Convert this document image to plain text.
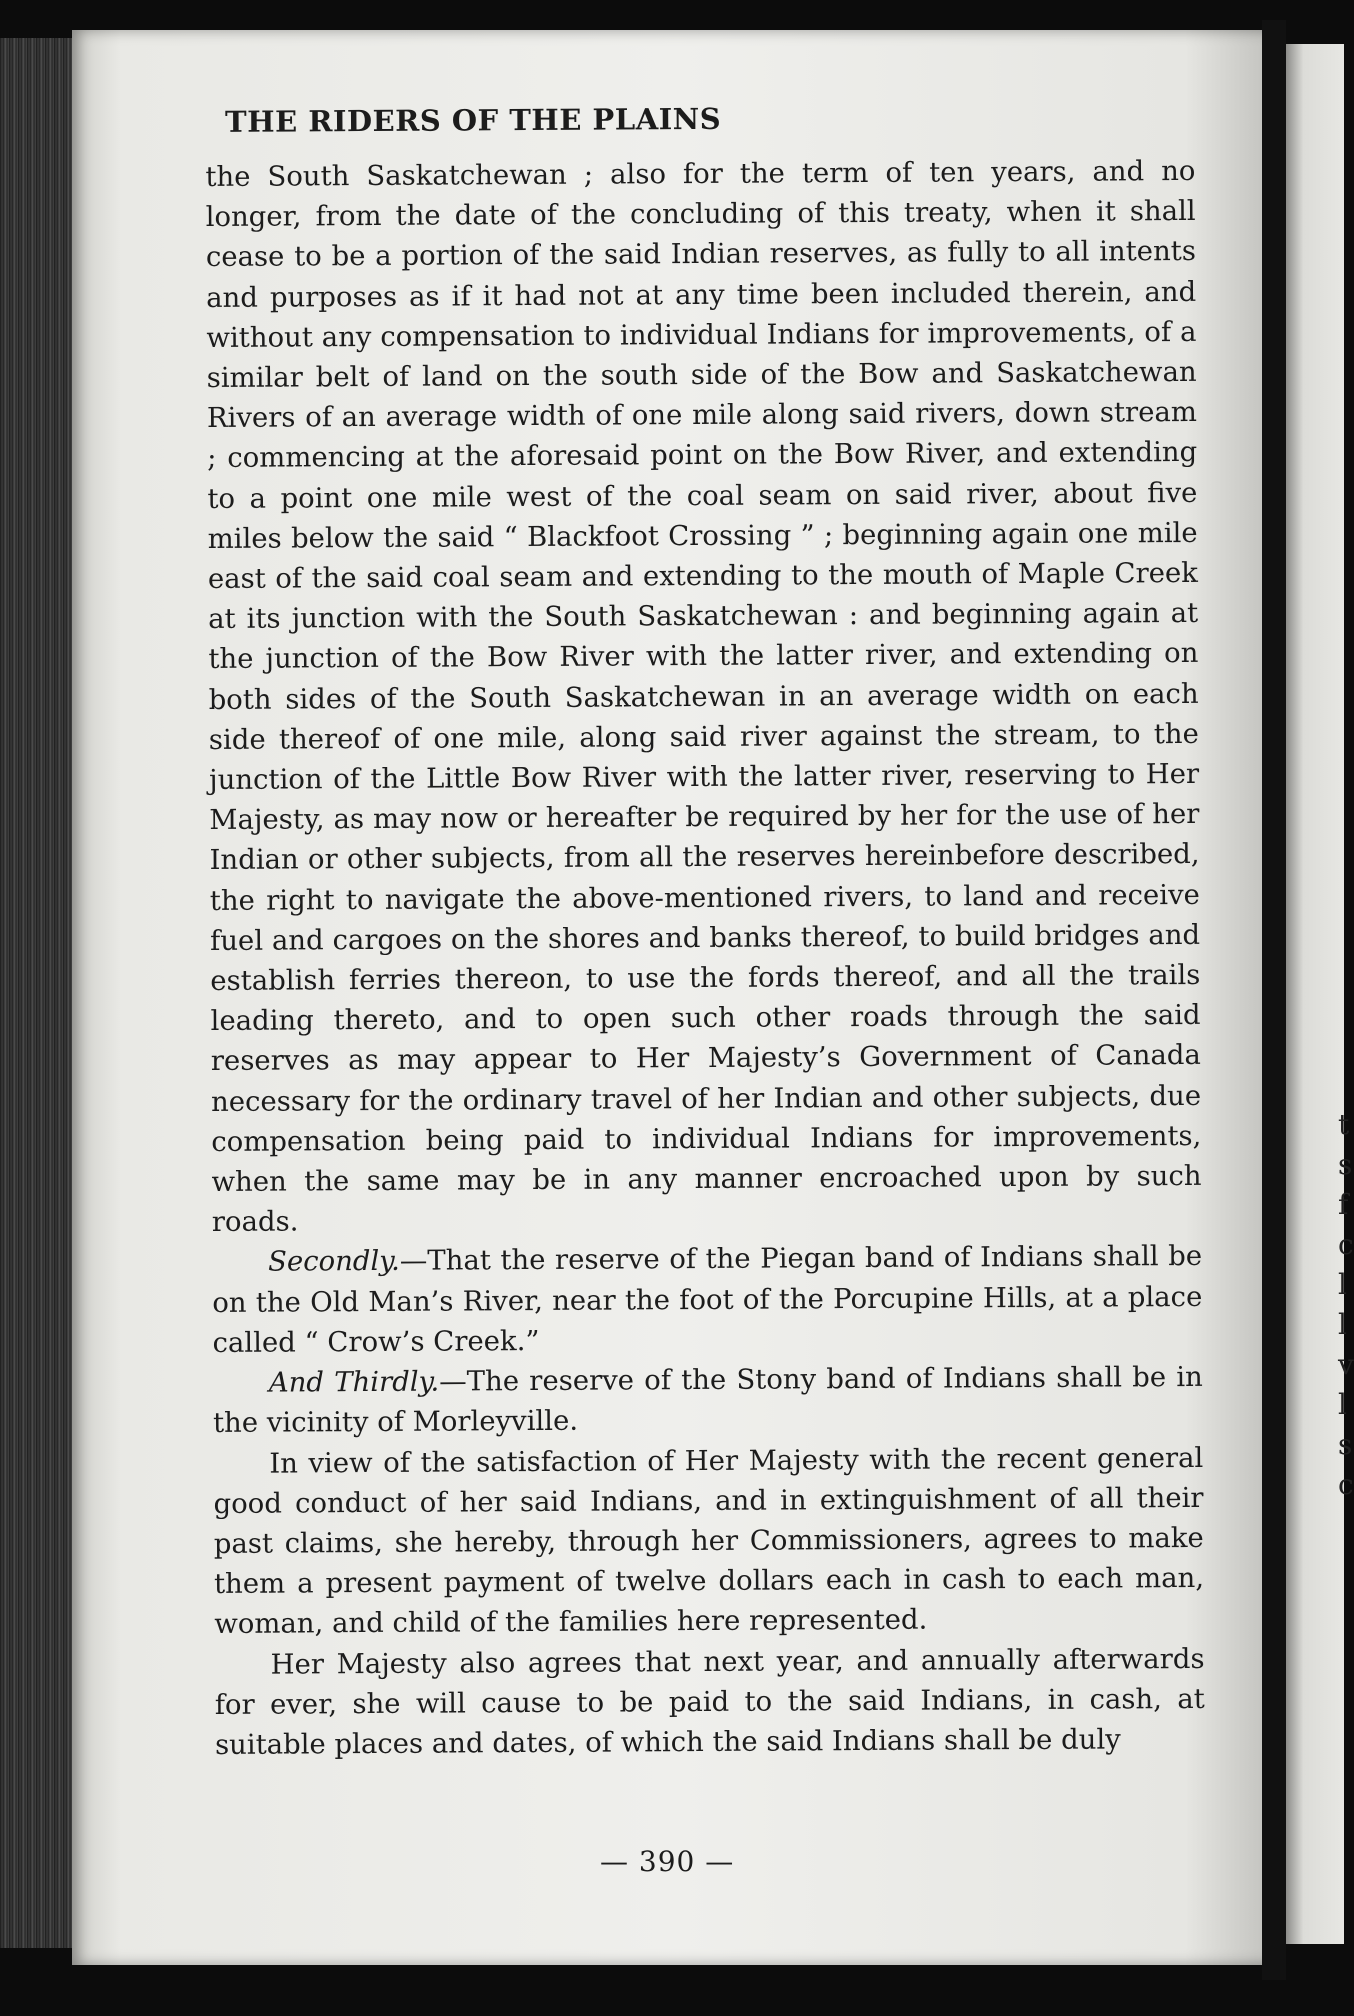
t
s
f
c
l
l
v
l
s
c
THE RIDERS OF THE PLAINS

the South Saskatchewan ; also for the term of ten years, and no longer, from the date of the concluding of this treaty, when it shall cease to be a portion of the said Indian reserves, as fully to all intents and purposes as if it had not at any time been included therein, and without any compensation to individual Indians for improvements, of a similar belt of land on the south side of the Bow and Saskatchewan Rivers of an average width of one mile along said rivers, down stream ; commencing at the aforesaid point on the Bow River, and extending to a point one mile west of the coal seam on said river, about five miles below the said “ Blackfoot Crossing ” ; beginning again one mile east of the said coal seam and extending to the mouth of Maple Creek at its junction with the South Saskatchewan : and beginning again at the junction of the Bow River with the latter river, and extending on both sides of the South Saskatchewan in an average width on each side thereof of one mile, along said river against the stream, to the junction of the Little Bow River with the latter river, reserving to Her Majesty, as may now or hereafter be required by her for the use of her Indian or other subjects, from all the reserves hereinbefore described, the right to navigate the above-mentioned rivers, to land and receive fuel and cargoes on the shores and banks thereof, to build bridges and establish ferries thereon, to use the fords thereof, and all the trails leading thereto, and to open such other roads through the said reserves as may appear to Her Majesty’s Government of Canada necessary for the ordinary travel of her Indian and other subjects, due compensation being paid to individual Indians for improvements, when the same may be in any manner encroached upon by such roads.

Secondly.—That the reserve of the Piegan band of Indians shall be on the Old Man’s River, near the foot of the Porcupine Hills, at a place called “ Crow’s Creek.”

And Thirdly.—The reserve of the Stony band of Indians shall be in the vicinity of Morleyville.

In view of the satisfaction of Her Majesty with the recent general good conduct of her said Indians, and in extinguishment of all their past claims, she hereby, through her Commissioners, agrees to make them a present payment of twelve dollars each in cash to each man, woman, and child of the families here represented.

Her Majesty also agrees that next year, and annually afterwards for ever, she will cause to be paid to the said Indians, in cash, at suitable places and dates, of which the said Indians shall be duly

— 390 —
